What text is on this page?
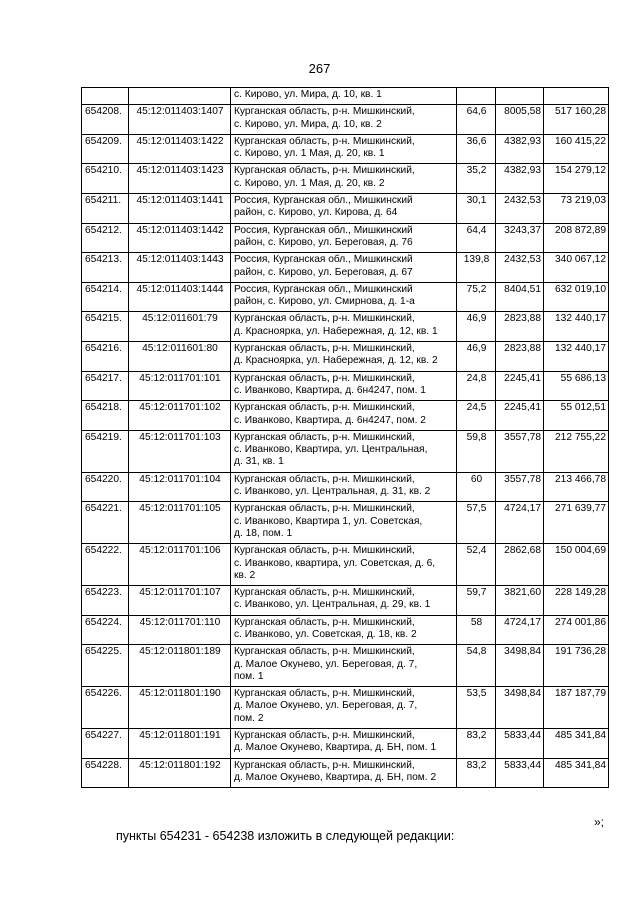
267
		с. Кирово, ул. Мира, д. 10, кв. 1			
654208.	45:12:011403:1407	Курганская область, р-н. Мишкинский,
с. Кирово, ул. Мира, д. 10, кв. 2	64,6	8005,58	517 160,28
654209.	45:12:011403:1422	Курганская область, р-н. Мишкинский,
с. Кирово, ул. 1 Мая, д. 20, кв. 1	36,6	4382,93	160 415,22
654210.	45:12:011403:1423	Курганская область, р-н. Мишкинский,
с. Кирово, ул. 1 Мая, д. 20, кв. 2	35,2	4382,93	154 279,12
654211.	45:12:011403:1441	Россия, Курганская обл., Мишкинский
район, с. Кирово, ул. Кирова, д. 64	30,1	2432,53	73 219,03
654212.	45:12:011403:1442	Россия, Курганская обл., Мишкинский
район, с. Кирово, ул. Береговая, д. 76	64,4	3243,37	208 872,89
654213.	45:12:011403:1443	Россия, Курганская обл., Мишкинский
район, с. Кирово, ул. Береговая, д. 67	139,8	2432,53	340 067,12
654214.	45:12:011403:1444	Россия, Курганская обл., Мишкинский
район, с. Кирово, ул. Смирнова, д. 1-а	75,2	8404,51	632 019,10
654215.	45:12:011601:79	Курганская область, р-н. Мишкинский,
д. Красноярка, ул. Набережная, д. 12, кв. 1	46,9	2823,88	132 440,17
654216.	45:12:011601:80	Курганская область, р-н. Мишкинский,
д. Красноярка, ул. Набережная, д. 12, кв. 2	46,9	2823,88	132 440,17
654217.	45:12:011701:101	Курганская область, р-н. Мишкинский,
с. Иванково, Квартира, д. 6н4247, пом. 1	24,8	2245,41	55 686,13
654218.	45:12:011701:102	Курганская область, р-н. Мишкинский,
с. Иванково, Квартира, д. 6н4247, пом. 2	24,5	2245,41	55 012,51
654219.	45:12:011701:103	Курганская область, р-н. Мишкинский,
с. Иванково, Квартира, ул. Центральная,
д. 31, кв. 1	59,8	3557,78	212 755,22
654220.	45:12:011701:104	Курганская область, р-н. Мишкинский,
с. Иванково, ул. Центральная, д. 31, кв. 2	60	3557,78	213 466,78
654221.	45:12:011701:105	Курганская область, р-н. Мишкинский,
с. Иванково, Квартира 1, ул. Советская,
д. 18, пом. 1	57,5	4724,17	271 639,77
654222.	45:12:011701:106	Курганская область, р-н. Мишкинский,
с. Иванково, квартира, ул. Советская, д. 6,
кв. 2	52,4	2862,68	150 004,69
654223.	45:12:011701:107	Курганская область, р-н. Мишкинский,
с. Иванково, ул. Центральная, д. 29, кв. 1	59,7	3821,60	228 149,28
654224.	45:12:011701:110	Курганская область, р-н. Мишкинский,
с. Иванково, ул. Советская, д. 18, кв. 2	58	4724,17	274 001,86
654225.	45:12:011801:189	Курганская область, р-н. Мишкинский,
д. Малое Окунево, ул. Береговая, д. 7,
пом. 1	54,8	3498,84	191 736,28
654226.	45:12:011801:190	Курганская область, р-н. Мишкинский,
д. Малое Окунево, ул. Береговая, д. 7,
пом. 2	53,5	3498,84	187 187,79
654227.	45:12:011801:191	Курганская область, р-н. Мишкинский,
д. Малое Окунево, Квартира, д. БН, пом. 1	83,2	5833,44	485 341,84
654228.	45:12:011801:192	Курганская область, р-н. Мишкинский,
д. Малое Окунево, Квартира, д. БН, пом. 2	83,2	5833,44	485 341,84
»;
пункты 654231 - 654238 изложить в следующей редакции:
